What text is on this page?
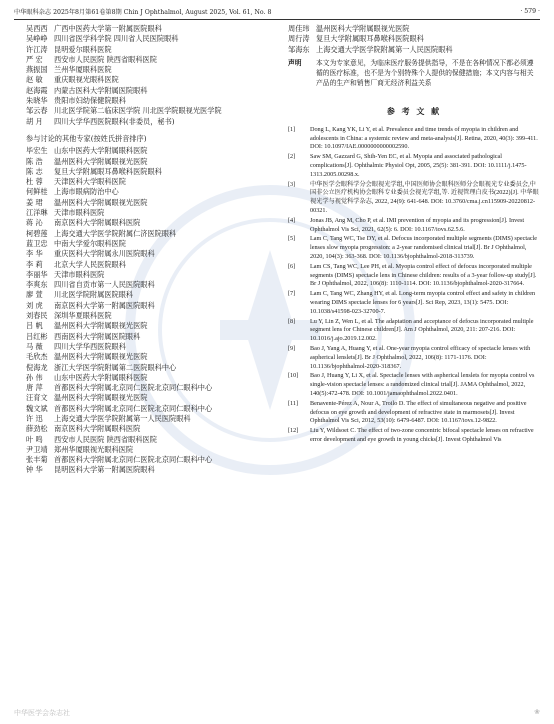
中华眼科杂志 2025年8月第61卷第8期 Chin J Ophthalmol, August 2025, Vol. 61, No. 8	· 579 ·
吴西西 广西中医药大学第一附属医院眼科
吴峥峥 四川省医学科学院 四川省人民医院眼科
许江涛 昆明爱尔眼科医院
严 宏	西安市人民医院 陕西省眼科医院
燕振国 兰州华厦眼科医院
赵 敏	重庆眼视光眼科医院
赵海霞 内蒙古医科大学附属医院眼科
朱晓华 贵阳市妇幼保健院眼科
邹云春 川北医学院第二临床医学院 川北医学院眼视光医学院
胡 月	四川大学华西医院眼科(非委员，秘书)
参与讨论的其他专家(按姓氏拼音排序)
毕宏生 山东中医药大学附属眼科医院
陈 浩	温州医科大学附属眼视光医院
陈 志	复旦大学附属眼耳鼻喉科医院眼科
杜 蓉	天津医科大学眼科医院
何鲜桂 上海市眼病防治中心
姜 珺	温州医科大学附属眼视光医院
江洋琳 天津市眼科医院
蒋 沁	南京医科大学附属眼科医院
柯碧莲 上海交通大学医学院附属仁济医院眼科
蓝卫忠 中南大学爱尔眼科医院
李 华	重庆医科大学附属永川医院眼科
李 莉	北京大学人民医院眼科
李丽华 天津市眼科医院
李爽东 四川省自贡市第一人民医院眼科
廖 萱	川北医学院附属医院眼科
刘 虎	南京医科大学第一附属医院眼科
刘春民 深圳华夏眼科医院
吕 帆	温州医科大学附属眼视光医院
吕红彬 西南医科大学附属医院眼科
马 薇	四川大学华西医院眼科
毛欣杰 温州医科大学附属眼视光医院
倪海龙 浙江大学医学院附属第二医院眼科中心
孙 伟	山东中医药大学附属眼科医院
唐 萍	首都医科大学附属北京同仁医院北京同仁眼科中心
汪育文 温州医科大学附属眼视光医院
魏文斌 首都医科大学附属北京同仁医院北京同仁眼科中心
许 迅	上海交通大学医学院附属第一人民医院眼科
薛劲松 南京医科大学附属眼科医院
叶 鸣	西安市人民医院 陕西省眼科医院
尹卫靖 郑州华厦眼视光眼科医院
张丰菊 首都医科大学附属北京同仁医院北京同仁眼科中心
钟 华	昆明医科大学第一附属医院眼科
周佳玮 温州医科大学附属眼视光医院
周行涛 复旦大学附属眼耳鼻喉科医院眼科
邹海东 上海交通大学医学院附属第一人民医院眼科
声明	本文为专家意见，为临床医疗服务提供指导，不是在各种情况下都必须遵循的医疗标准，也不是为个别特殊个人提供的保健措施；本文内容与相关产品的生产和销售厂商无经济利益关系
参 考 文 献
[1]	Dong L, Kang YK, Li Y, et al. Prevalence and time trends of myopia in children and adolescents in China: a systemic review and meta-analysis[J]. Retina, 2020, 40(3): 399-411. DOI: 10.1097/IAE.0000000000002590.
[2]	Saw SM, Gazzard G, Shih-Yen EC, et al. Myopia and associated pathological complications[J]. Ophthalmic Physiol Opt, 2005, 25(5): 381-391. DOI: 10.1111/j.1475-1313.2005.00298.x.
[3]	中华医学会眼科学分会眼视光学组,中国医师协会眼科医师分会眼视光专业委员会,中国非公立医疗机构协会眼科专业委员会视光学组,等. 近视管理白皮书(2022)[J]. 中华眼视光学与视觉科学杂志, 2022, 24(9): 641-648. DOI: 10.3760/cma.j.cn115909-20220812-00321.
[4]	Jonas JB, Ang M, Cho P, et al. IMI prevention of myopia and its progression[J]. Invest Ophthalmol Vis Sci, 2021, 62(5): 6. DOI: 10.1167/iovs.62.5.6.
[5]	Lam C, Tang WC, Tse DY, et al. Defocus incorporated multiple segments (DIMS) spectacle lenses slow myopia progression: a 2-year randomised clinical trial[J]. Br J Ophthalmol, 2020, 104(3): 363-368. DOI: 10.1136/bjophthalmol-2018-313739.
[6]	Lam CS, Tang WC, Lee PH, et al. Myopia control effect of defocus incorporated multiple segments (DIMS) spectacle lens in Chinese children: results of a 3-year follow-up study[J]. Br J Ophthalmol, 2022, 106(8): 1110-1114. DOI: 10.1136/bjophthalmol-2020-317664.
[7]	Lam C, Tang WC, Zhang HY, et al. Long-term myopia control effect and safety in children wearing DIMS spectacle lenses for 6 years[J]. Sci Rep, 2023, 13(1): 5475. DOI: 10.1038/s41598-023-32700-7.
[8]	Lu Y, Lin Z, Wen L, et al. The adaptation and acceptance of defocus incorporated multiple segment lens for Chinese children[J]. Am J Ophthalmol, 2020, 211: 207-216. DOI: 10.1016/j.ajo.2019.12.002.
[9]	Bao J, Yang A, Huang Y, et al. One-year myopia control efficacy of spectacle lenses with aspherical lenslets[J]. Br J Ophthalmol, 2022, 106(8): 1171-1176. DOI: 10.1136/bjophthalmol-2020-318367.
[10]	Bao J, Huang Y, Li X, et al. Spectacle lenses with aspherical lenslets for myopia control vs single-vision spectacle lenses: a randomized clinical trial[J]. JAMA Ophthalmol, 2022, 140(5):472-478. DOI: 10.1001/jamaophthalmol.2022.0401.
[11]	Benavente-Pérez A, Nour A, Troilo D. The effect of simultaneous negative and positive defocus on eye growth and development of refractive state in marmosets[J]. Invest Ophthalmol Vis Sci, 2012, 53(10): 6479-6487. DOI: 10.1167/iovs.12-9822.
[12]	Liu Y, Wildsoet C. The effect of two-zone concentric bifocal spectacle lenses on refractive error development and eye growth in young chicks[J]. Invest Ophthalmol Vis
中华医学会杂志社	❀
